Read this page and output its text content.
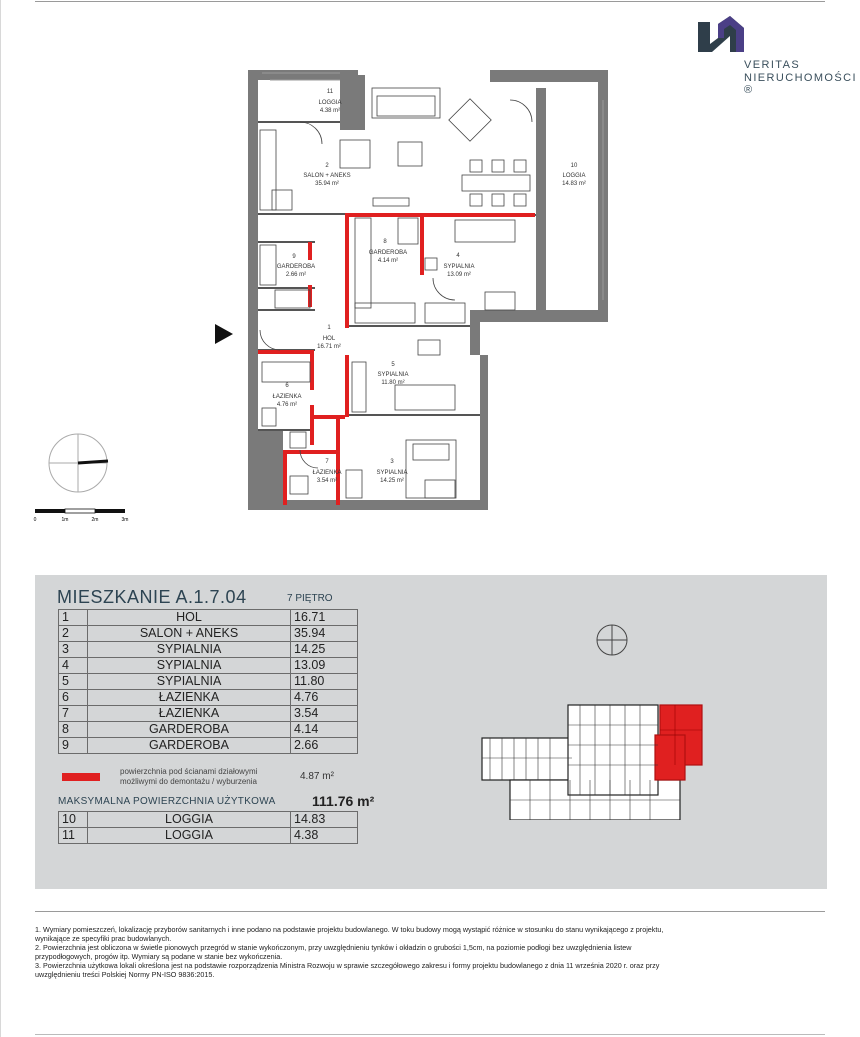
VERITAS
NIERUCHOMOŚCI ®
11
LOGGIA
4.38 m²
2
SALON + ANEKS
35.94 m²
10
LOGGIA
14.83 m²
9
GARDEROBA
2.66 m²
8
GARDEROBA
4.14 m²
4
SYPIALNIA
13.09 m²
1
HOL
16.71 m²
5
SYPIALNIA
11.80 m²
6
ŁAZIENKA
4.76 m²
7
ŁAZIENKA
3.54 m²
3
SYPIALNIA
14.25 m²
0	1m	2m	3m
MIESZKANIE A.1.7.04	7 PIĘTRO
1	HOL	16.71
2	SALON + ANEKS	35.94
3	SYPIALNIA	14.25
4	SYPIALNIA	13.09
5	SYPIALNIA	11.80
6	ŁAZIENKA	4.76
7	ŁAZIENKA	3.54
8	GARDEROBA	4.14
9	GARDEROBA	2.66
powierzchnia pod ścianami działowymi
możliwymi do demontażu / wyburzenia	4.87 m²
MAKSYMALNA POWIERZCHNIA UŻYTKOWA	111.76 m²
10	LOGGIA	14.83
11	LOGGIA	4.38

1. Wymiary pomieszczeń, lokalizację przyborów sanitarnych i inne podano na podstawie projektu budowlanego. W toku budowy mogą wystąpić różnice w stosunku do stanu wynikającego z projektu,

wynikające ze specyfiki prac budowlanych.

2. Powierzchnia jest obliczona w świetle pionowych przegród w stanie wykończonym, przy uwzględnieniu tynków i okładzin o grubości 1,5cm, na poziomie podłogi bez uwzględnienia listew

przypodłogowych, progów itp. Wymiary są podane w stanie bez wykończenia.

3. Powierzchnia użytkowa lokali określona jest na podstawie rozporządzenia Ministra Rozwoju w sprawie szczegółowego zakresu i formy projektu budowlanego z dnia 11 września 2020 r. oraz przy

uwzględnieniu treści Polskiej Normy PN-ISO 9836:2015.
